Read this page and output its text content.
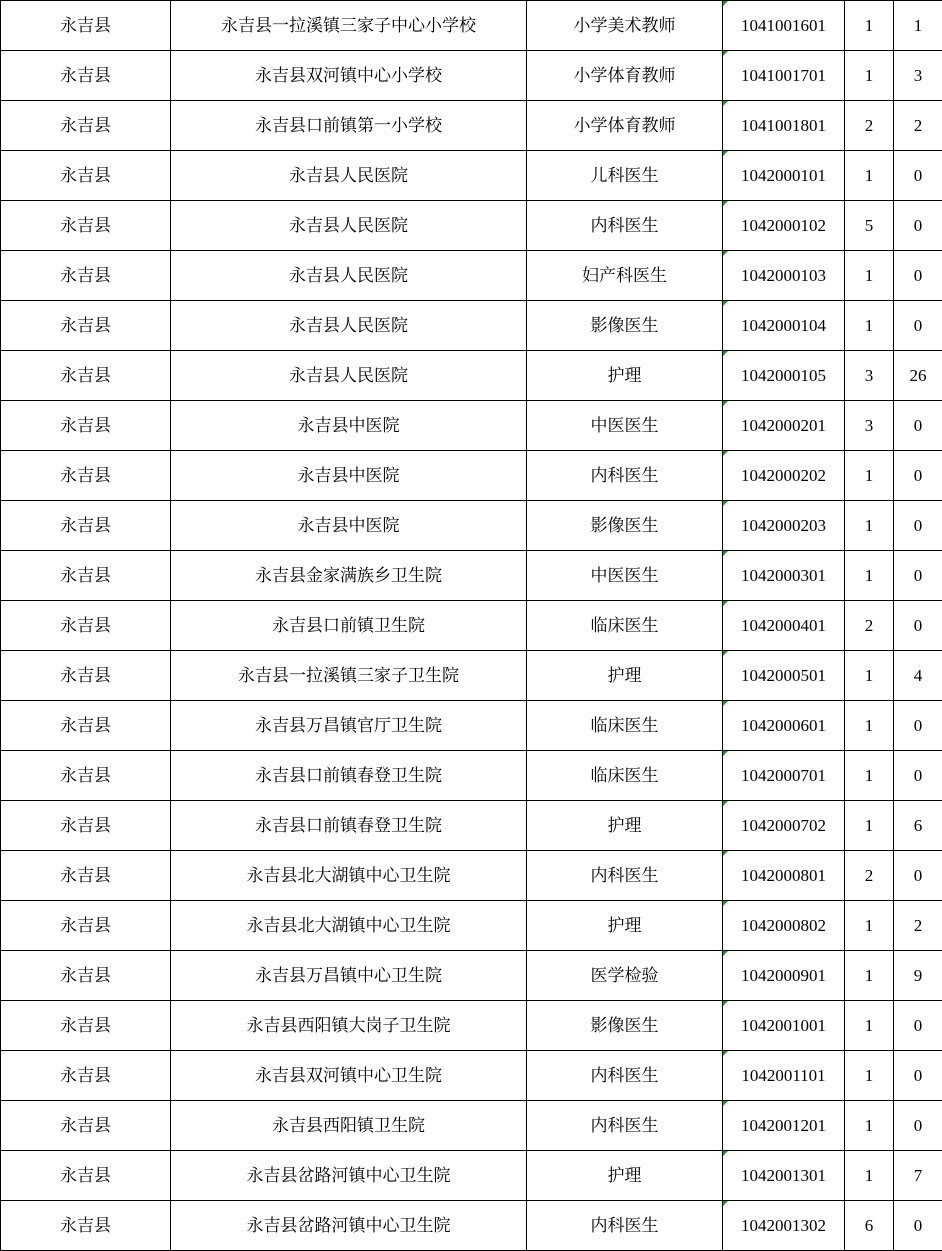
永吉县	永吉县一拉溪镇三家子中心小学校	小学美术教师	1041001601	1	1
永吉县	永吉县双河镇中心小学校	小学体育教师	1041001701	1	3
永吉县	永吉县口前镇第一小学校	小学体育教师	1041001801	2	2
永吉县	永吉县人民医院	儿科医生	1042000101	1	0
永吉县	永吉县人民医院	内科医生	1042000102	5	0
永吉县	永吉县人民医院	妇产科医生	1042000103	1	0
永吉县	永吉县人民医院	影像医生	1042000104	1	0
永吉县	永吉县人民医院	护理	1042000105	3	26
永吉县	永吉县中医院	中医医生	1042000201	3	0
永吉县	永吉县中医院	内科医生	1042000202	1	0
永吉县	永吉县中医院	影像医生	1042000203	1	0
永吉县	永吉县金家满族乡卫生院	中医医生	1042000301	1	0
永吉县	永吉县口前镇卫生院	临床医生	1042000401	2	0
永吉县	永吉县一拉溪镇三家子卫生院	护理	1042000501	1	4
永吉县	永吉县万昌镇官厅卫生院	临床医生	1042000601	1	0
永吉县	永吉县口前镇春登卫生院	临床医生	1042000701	1	0
永吉县	永吉县口前镇春登卫生院	护理	1042000702	1	6
永吉县	永吉县北大湖镇中心卫生院	内科医生	1042000801	2	0
永吉县	永吉县北大湖镇中心卫生院	护理	1042000802	1	2
永吉县	永吉县万昌镇中心卫生院	医学检验	1042000901	1	9
永吉县	永吉县西阳镇大岗子卫生院	影像医生	1042001001	1	0
永吉县	永吉县双河镇中心卫生院	内科医生	1042001101	1	0
永吉县	永吉县西阳镇卫生院	内科医生	1042001201	1	0
永吉县	永吉县岔路河镇中心卫生院	护理	1042001301	1	7
永吉县	永吉县岔路河镇中心卫生院	内科医生	1042001302	6	0
